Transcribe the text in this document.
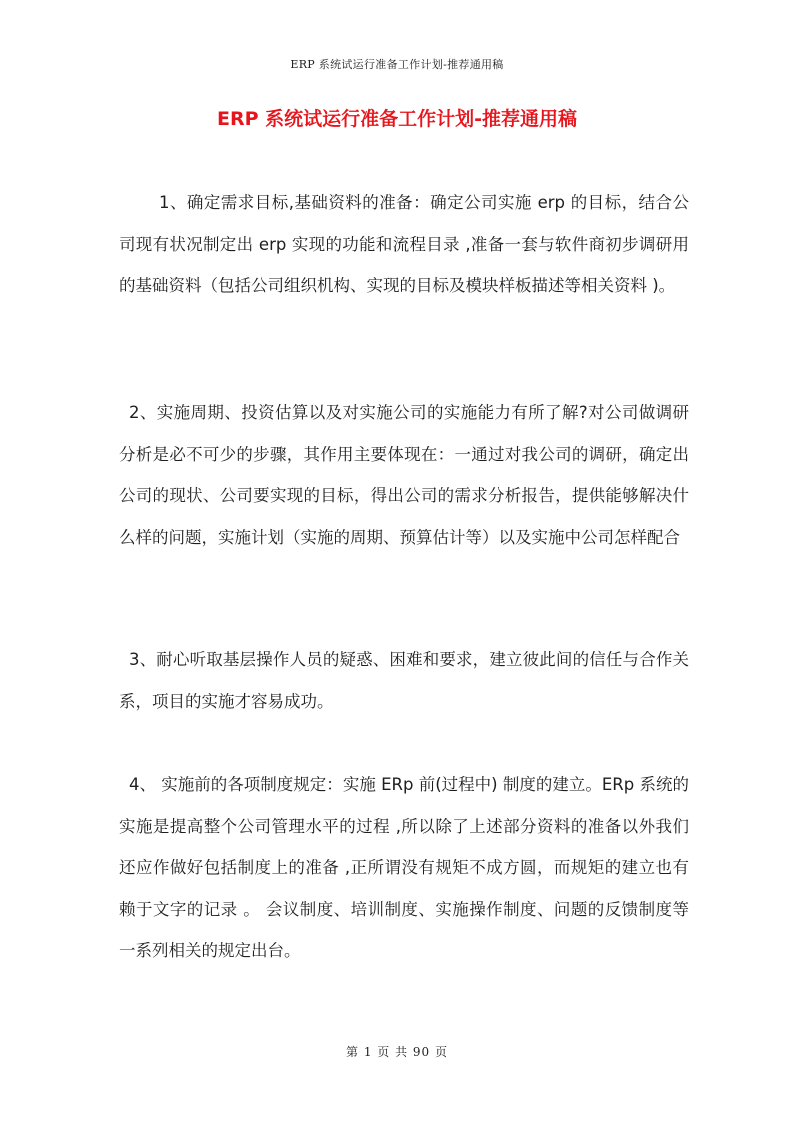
ERP 系统试运行准备工作计划-推荐通用稿
ERP 系统试运行准备工作计划-推荐通用稿

1、确定需求目标,基础资料的准备：确定公司实施 erp 的目标，结合公司现有状况制定出 erp 实现的功能和流程目录 ,准备一套与软件商初步调研用的基础资料（包括公司组织机构、实现的目标及模块样板描述等相关资料 )。

2、实施周期、投资估算以及对实施公司的实施能力有所了解?对公司做调研分析是必不可少的步骤，其作用主要体现在：一通过对我公司的调研，确定出公司的现状、公司要实现的目标，得出公司的需求分析报告，提供能够解决什么样的问题，实施计划（实施的周期、预算估计等）以及实施中公司怎样配合

3、耐心听取基层操作人员的疑惑、困难和要求，建立彼此间的信任与合作关系，项目的实施才容易成功。

4、 实施前的各项制度规定：实施 ERp 前(过程中) 制度的建立。ERp 系统的实施是提高整个公司管理水平的过程 ,所以除了上述部分资料的准备以外我们还应作做好包括制度上的准备 ,正所谓没有规矩不成方圆，而规矩的建立也有赖于文字的记录 。 会议制度、培训制度、实施操作制度、问题的反馈制度等一系列相关的规定出台。

第 1 页 共 90 页
